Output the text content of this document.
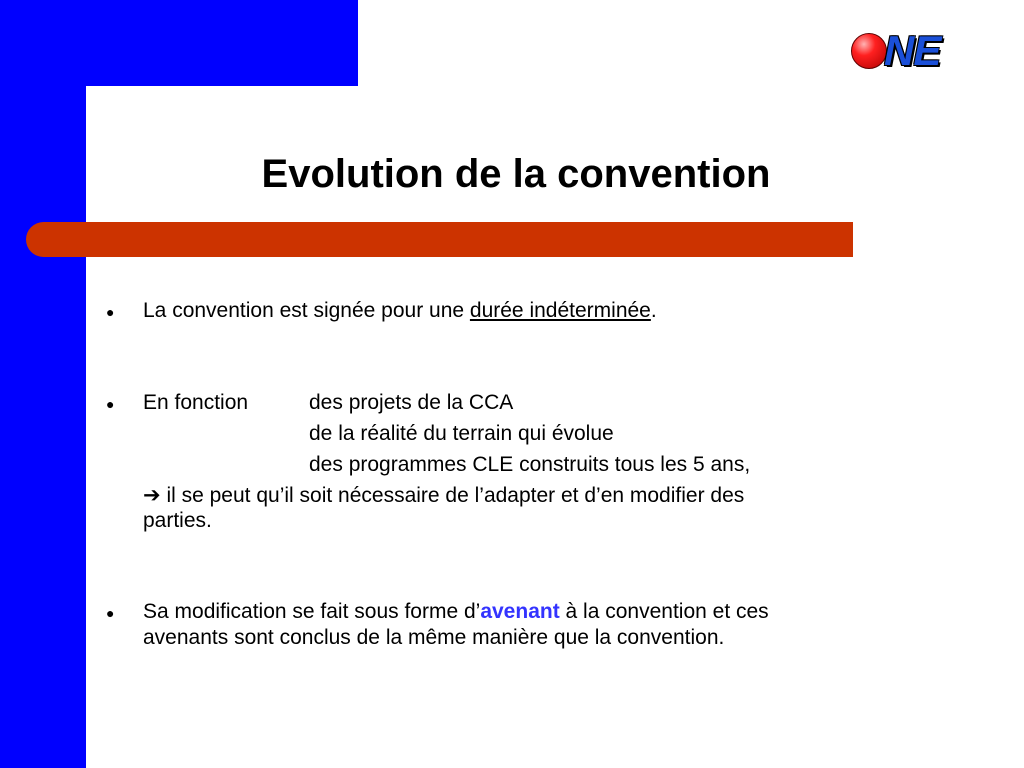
NE
Evolution de la convention
● La convention est signée pour une durée indéterminée.
● En fonction	des projets de la CCA
de la réalité du terrain qui évolue
des programmes CLE construits tous les 5 ans,
➔ il se peut qu’il soit nécessaire de l’adapter et d’en modifier des
parties.
● Sa modification se fait sous forme d’avenant à la convention et ces
avenants sont conclus de la même manière que la convention.
